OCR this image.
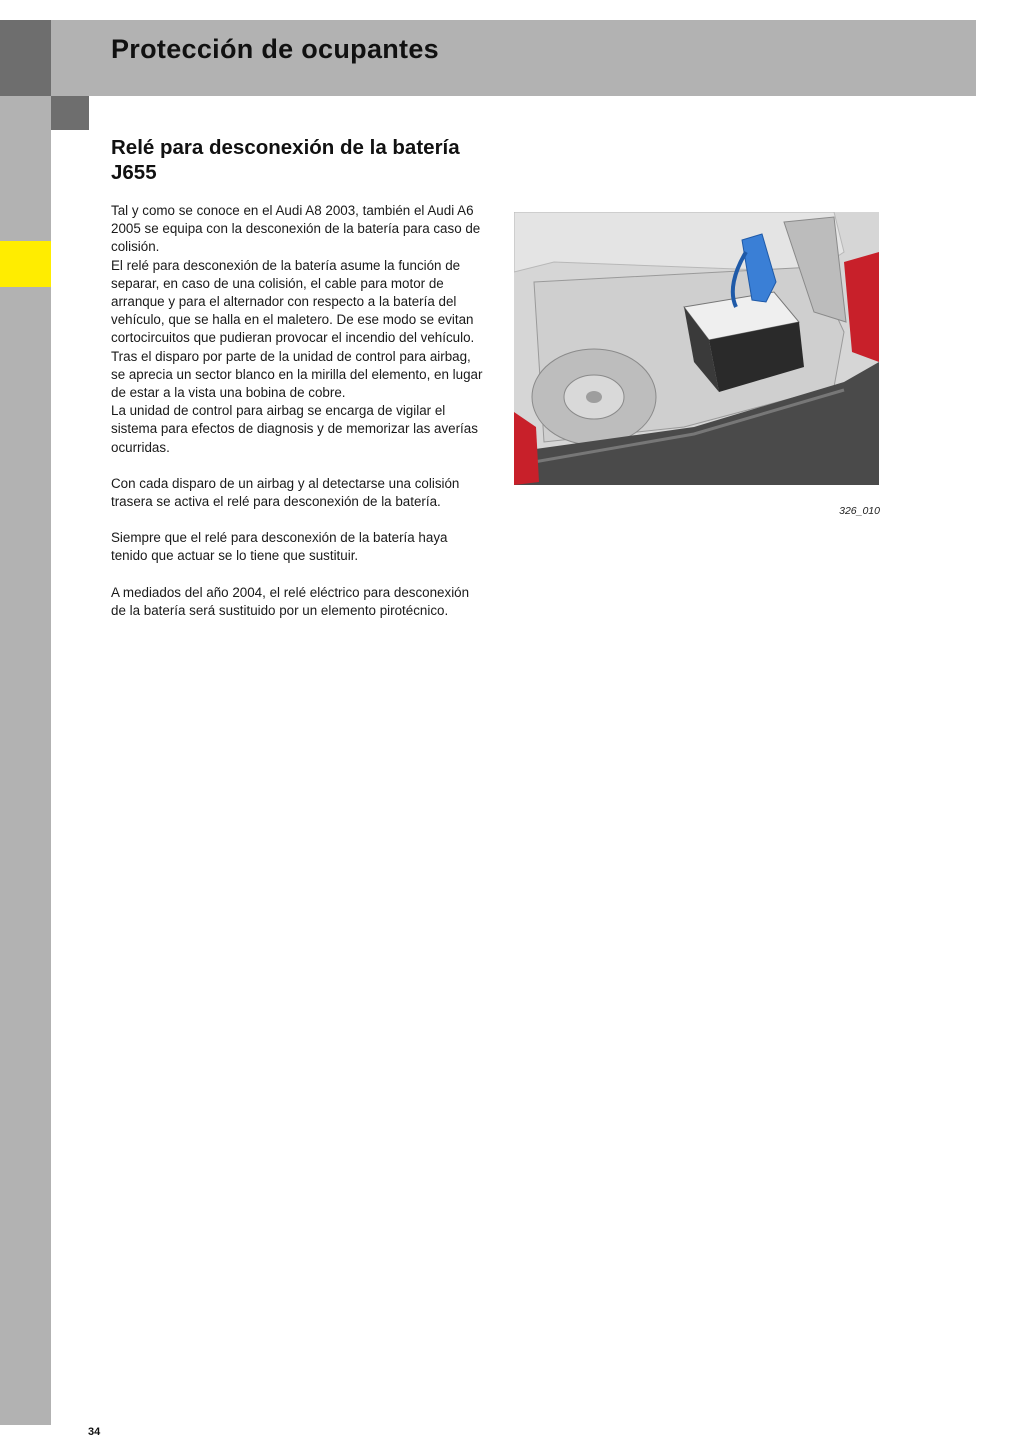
Protección de ocupantes
Relé para desconexión de la batería J655

Tal y como se conoce en el Audi A8 2003, también el Audi A6 2005 se equipa con la desconexión de la batería para caso de colisión.

El relé para desconexión de la batería asume la función de separar, en caso de una colisión, el cable para motor de arranque y para el alternador con respecto a la batería del vehículo, que se halla en el maletero. De ese modo se evitan cortocircuitos que pudieran provocar el incendio del vehículo.

Tras el disparo por parte de la unidad de control para airbag, se aprecia un sector blanco en la mirilla del elemento, en lugar de estar a la vista una bobina de cobre.

La unidad de control para airbag se encarga de vigilar el sistema para efectos de diagnosis y de memorizar las averías ocurridas.

Con cada disparo de un airbag y al detectarse una colisión trasera se activa el relé para desconexión de la batería.

Siempre que el relé para desconexión de la batería haya tenido que actuar se lo tiene que sustituir.

A mediados del año 2004, el relé eléctrico para desconexión de la batería será sustituido por un elemento pirotécnico.

326_010
34
